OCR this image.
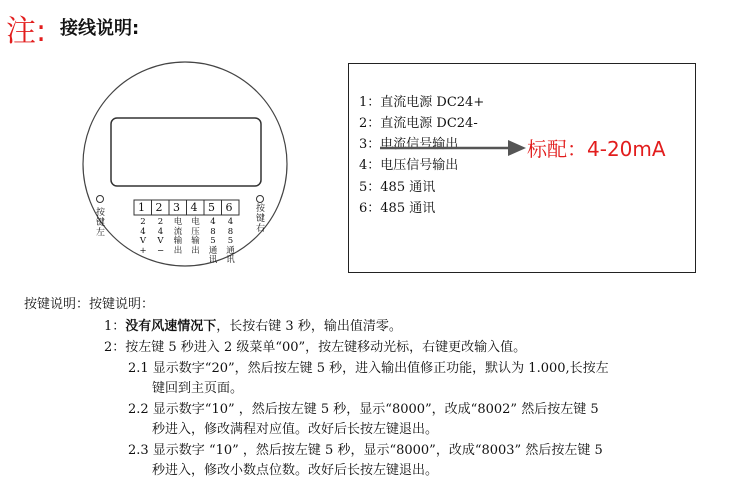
注: 接线说明:
按
键
左
按
键
右
1
2
4
V
+
2
2
4
V
−
3
电
流
输
出
4
电
压
输
出
5
4
8
5
通
讯
6
4
8
5
通
讯
1：直流电源 DC24+
2：直流电源 DC24-
3：电流信号输出
4：电压信号输出
5：485 通讯
6：485 通讯
标配：4-20mA
按键说明：按键说明：
1：没有风速情况下，长按右键 3 秒，输出值清零。
2：按左键 5 秒进入 2 级菜单“00”，按左键移动光标，右键更改输入值。
2.1 显示数字“20”，然后按左键 5 秒，进入输出值修正功能，默认为 1.000,长按左
键回到主页面。
2.2 显示数字“10” ，然后按左键 5 秒，显示“8000”，改成“8002” 然后按左键 5
秒进入，修改满程对应值。改好后长按左键退出。
2.3 显示数字 “10” ，然后按左键 5 秒，显示“8000”，改成“8003” 然后按左键 5
秒进入，修改小数点位数。改好后长按左键退出。
